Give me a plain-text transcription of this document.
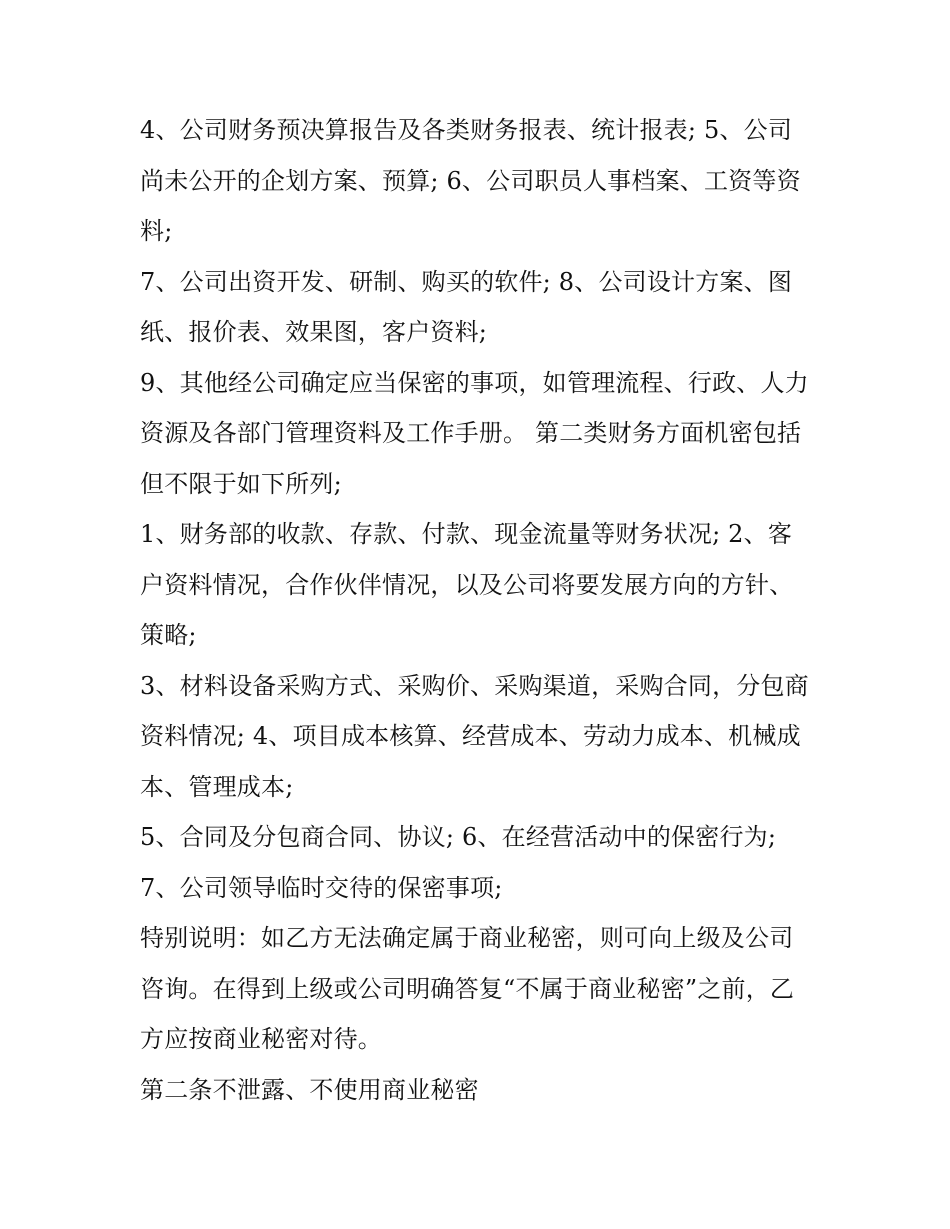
4、公司财务预决算报告及各类财务报表、统计报表; 5、公司尚未公开的企划方案、预算; 6、公司职员人事档案、工资等资料;

7、公司出资开发、研制、购买的软件; 8、公司设计方案、图纸、报价表、效果图，客户资料;

9、其他经公司确定应当保密的事项，如管理流程、行政、人力资源及各部门管理资料及工作手册。 第二类财务方面机密包括但不限于如下所列;

1、财务部的收款、存款、付款、现金流量等财务状况; 2、客户资料情况，合作伙伴情况，以及公司将要发展方向的方针、策略;

3、材料设备采购方式、采购价、采购渠道，采购合同，分包商资料情况; 4、项目成本核算、经营成本、劳动力成本、机械成本、管理成本;

5、合同及分包商合同、协议; 6、在经营活动中的保密行为;

7、公司领导临时交待的保密事项;

特别说明：如乙方无法确定属于商业秘密，则可向上级及公司咨询。在得到上级或公司明确答复“不属于商业秘密”之前，乙方应按商业秘密对待。

第二条不泄露、不使用商业秘密
